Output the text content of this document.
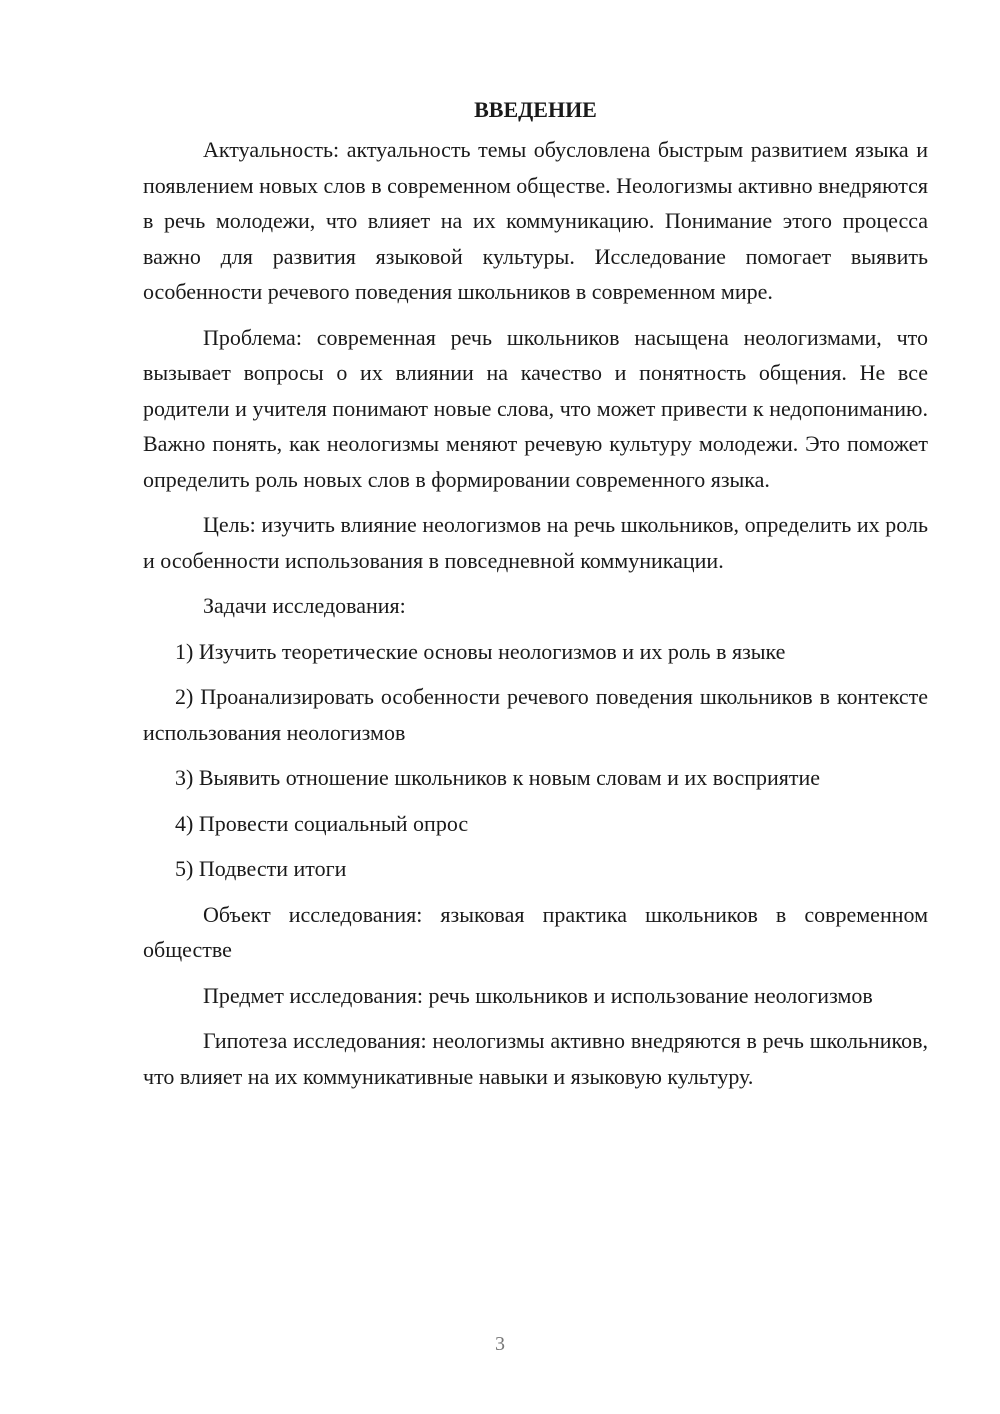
ВВЕДЕНИЕ

Актуальность: актуальность темы обусловлена быстрым развитием языка и появлением новых слов в современном обществе. Неологизмы активно внедряются в речь молодежи, что влияет на их коммуникацию. Понимание этого процесса важно для развития языковой культуры. Исследование помогает выявить особенности речевого поведения школьников в современном мире.

Проблема: современная речь школьников насыщена неологизмами, что вызывает вопросы о их влиянии на качество и понятность общения. Не все родители и учителя понимают новые слова, что может привести к недопониманию. Важно понять, как неологизмы меняют речевую культуру молодежи. Это поможет определить роль новых слов в формировании современного языка.

Цель: изучить влияние неологизмов на речь школьников, определить их роль и особенности использования в повседневной коммуникации.

Задачи исследования:

1) Изучить теоретические основы неологизмов и их роль в языке

2) Проанализировать особенности речевого поведения школьников в контексте использования неологизмов

3) Выявить отношение школьников к новым словам и их восприятие

4) Провести социальный опрос

5) Подвести итоги

Объект исследования: языковая практика школьников в современном обществе

Предмет исследования: речь школьников и использование неологизмов

Гипотеза исследования: неологизмы активно внедряются в речь школьников, что влияет на их коммуникативные навыки и языковую культуру.

3
